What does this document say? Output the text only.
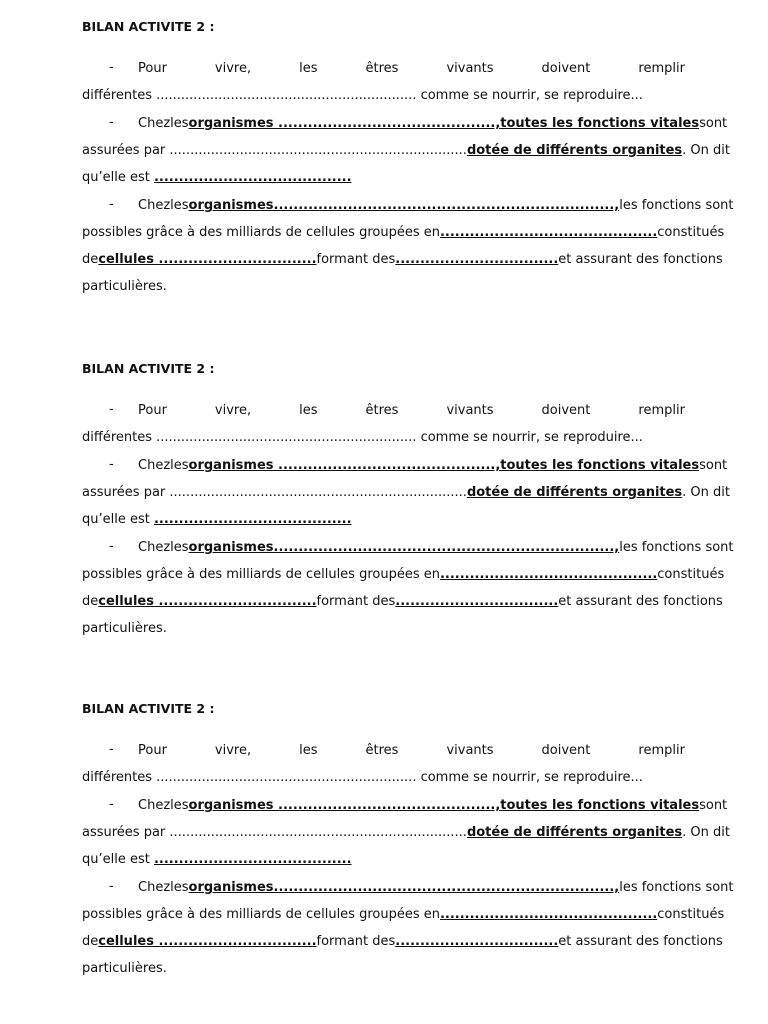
BILAN ACTIVITE 2 :
- Pour	vivre,	les	êtres	vivants	doivent	remplir
différentes ............................................................... comme se nourrir, se reproduire...
- Chez les organismes ............................................, toutes les fonctions vitales sont
assurées par ........................................................................dotée de différents organites. On dit
qu’elle est ........................................
- Chez les organismes....................................................................., les fonctions sont
possibles grâce à des milliards de cellules groupées en ............................................ constitués
de cellules ................................ formant des ................................. et assurant des fonctions
particulières.
BILAN ACTIVITE 2 :
- Pour	vivre,	les	êtres	vivants	doivent	remplir
différentes ............................................................... comme se nourrir, se reproduire...
- Chez les organismes ............................................, toutes les fonctions vitales sont
assurées par ........................................................................dotée de différents organites. On dit
qu’elle est ........................................
- Chez les organismes....................................................................., les fonctions sont
possibles grâce à des milliards de cellules groupées en ............................................ constitués
de cellules ................................ formant des ................................. et assurant des fonctions
particulières.
BILAN ACTIVITE 2 :
- Pour	vivre,	les	êtres	vivants	doivent	remplir
différentes ............................................................... comme se nourrir, se reproduire...
- Chez les organismes ............................................, toutes les fonctions vitales sont
assurées par ........................................................................dotée de différents organites. On dit
qu’elle est ........................................
- Chez les organismes....................................................................., les fonctions sont
possibles grâce à des milliards de cellules groupées en ............................................ constitués
de cellules ................................ formant des ................................. et assurant des fonctions
particulières.
